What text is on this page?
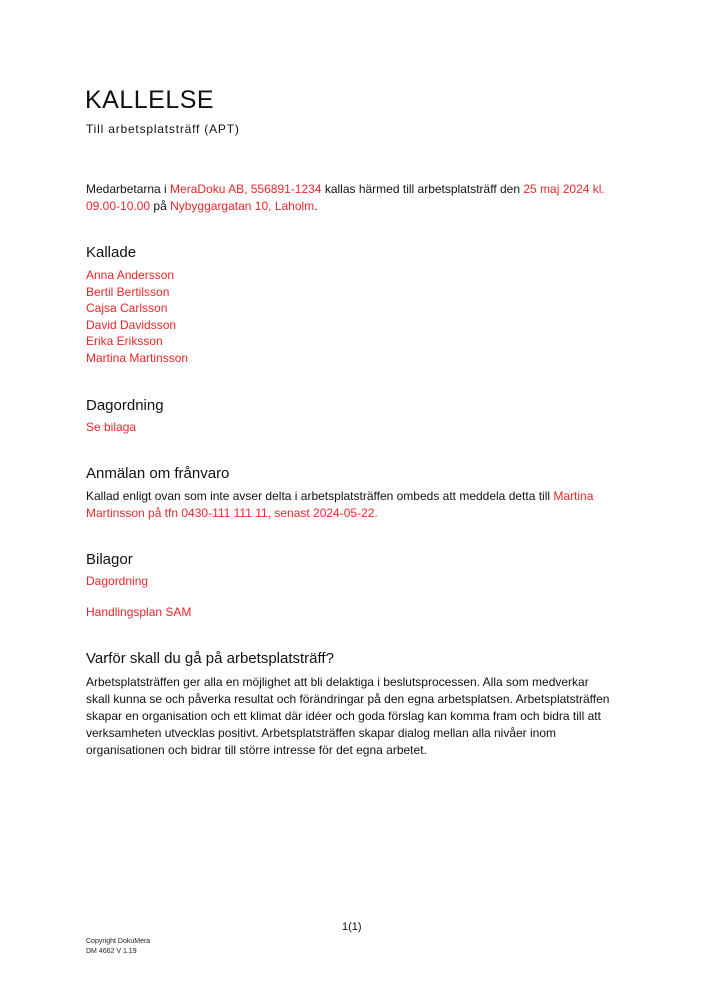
KALLELSE

Till arbetsplatsträff (APT)

Medarbetarna i MeraDoku AB, 556891-1234 kallas härmed till arbetsplatsträff den 25 maj 2024 kl. 09.00-10.00 på Nybyggargatan 10, Laholm.

Kallade
Anna Andersson
Bertil Bertilsson
Cajsa Carlsson
David Davidsson
Erika Eriksson
Martina Martinsson
Dagordning

Se bilaga

Anmälan om frånvaro

Kallad enligt ovan som inte avser delta i arbetsplatsträffen ombeds att meddela detta till Martina Martinsson på tfn 0430-111 111 11, senast 2024-05-22.

Bilagor

Dagordning

Handlingsplan SAM

Varför skall du gå på arbetsplatsträff?

Arbetsplatsträffen ger alla en möjlighet att bli delaktiga i beslutsprocessen. Alla som medverkar skall kunna se och påverka resultat och förändringar på den egna arbetsplatsen. Arbetsplatsträffen skapar en organisation och ett klimat där idéer och goda förslag kan komma fram och bidra till att verksamheten utvecklas positivt. Arbetsplatsträffen skapar dialog mellan alla nivåer inom organisationen och bidrar till större intresse för det egna arbetet.

1(1)
Copyright DokuMera
DM 4662 V 1.19
